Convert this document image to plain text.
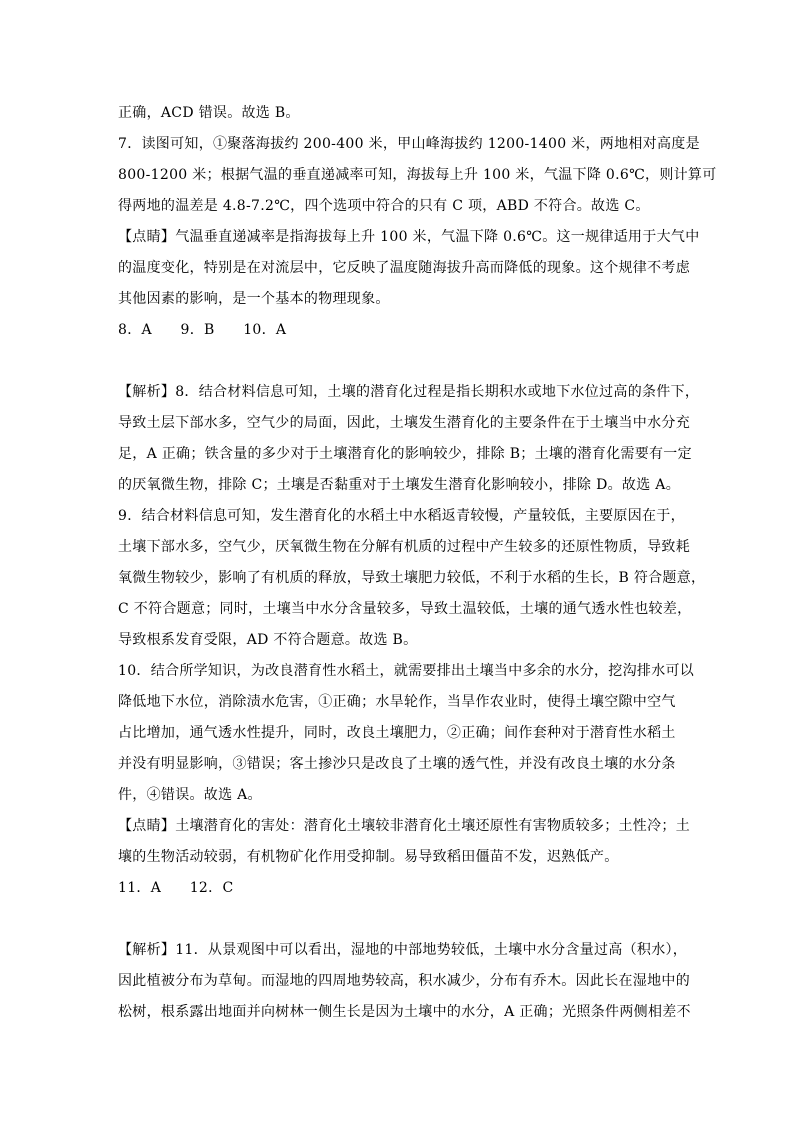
正确，ACD 错误。故选 B。
7．读图可知，①聚落海拔约 200-400 米，甲山峰海拔约 1200-1400 米，两地相对高度是
800-1200 米；根据气温的垂直递减率可知，海拔每上升 100 米，气温下降 0.6℃，则计算可
得两地的温差是 4.8-7.2℃，四个选项中符合的只有 C 项，ABD 不符合。故选 C。
【点睛】气温垂直递减率是指海拔每上升 100 米，气温下降 0.6℃。这一规律适用于大气中
的温度变化，特别是在对流层中，它反映了温度随海拔升高而降低的现象。这个规律不考虑
其他因素的影响，是一个基本的物理现象。
8．A　　9．B　　10．A
【解析】8．结合材料信息可知，土壤的潜育化过程是指长期积水或地下水位过高的条件下，
导致土层下部水多，空气少的局面，因此，土壤发生潜育化的主要条件在于土壤当中水分充
足，A 正确；铁含量的多少对于土壤潜育化的影响较少，排除 B；土壤的潜育化需要有一定
的厌氧微生物，排除 C；土壤是否黏重对于土壤发生潜育化影响较小，排除 D。故选 A。
9．结合材料信息可知，发生潜育化的水稻土中水稻返青较慢，产量较低，主要原因在于，
土壤下部水多，空气少，厌氧微生物在分解有机质的过程中产生较多的还原性物质，导致耗
氧微生物较少，影响了有机质的释放，导致土壤肥力较低，不利于水稻的生长，B 符合题意，
C 不符合题意；同时，土壤当中水分含量较多，导致土温较低，土壤的通气透水性也较差，
导致根系发育受限，AD 不符合题意。故选 B。
10．结合所学知识，为改良潜育性水稻土，就需要排出土壤当中多余的水分，挖沟排水可以
降低地下水位，消除渍水危害，①正确；水旱轮作，当旱作农业时，使得土壤空隙中空气
占比增加，通气透水性提升，同时，改良土壤肥力，②正确；间作套种对于潜育性水稻土
并没有明显影响，③错误；客土掺沙只是改良了土壤的透气性，并没有改良土壤的水分条
件，④错误。故选 A。
【点睛】土壤潜育化的害处：潜育化土壤较非潜育化土壤还原性有害物质较多；土性冷；土
壤的生物活动较弱，有机物矿化作用受抑制。易导致稻田僵苗不发，迟熟低产。
11．A　　12．C
【解析】11．从景观图中可以看出，湿地的中部地势较低，土壤中水分含量过高（积水），
因此植被分布为草甸。而湿地的四周地势较高，积水减少，分布有乔木。因此长在湿地中的
松树，根系露出地面并向树林一侧生长是因为土壤中的水分，A 正确；光照条件两侧相差不
